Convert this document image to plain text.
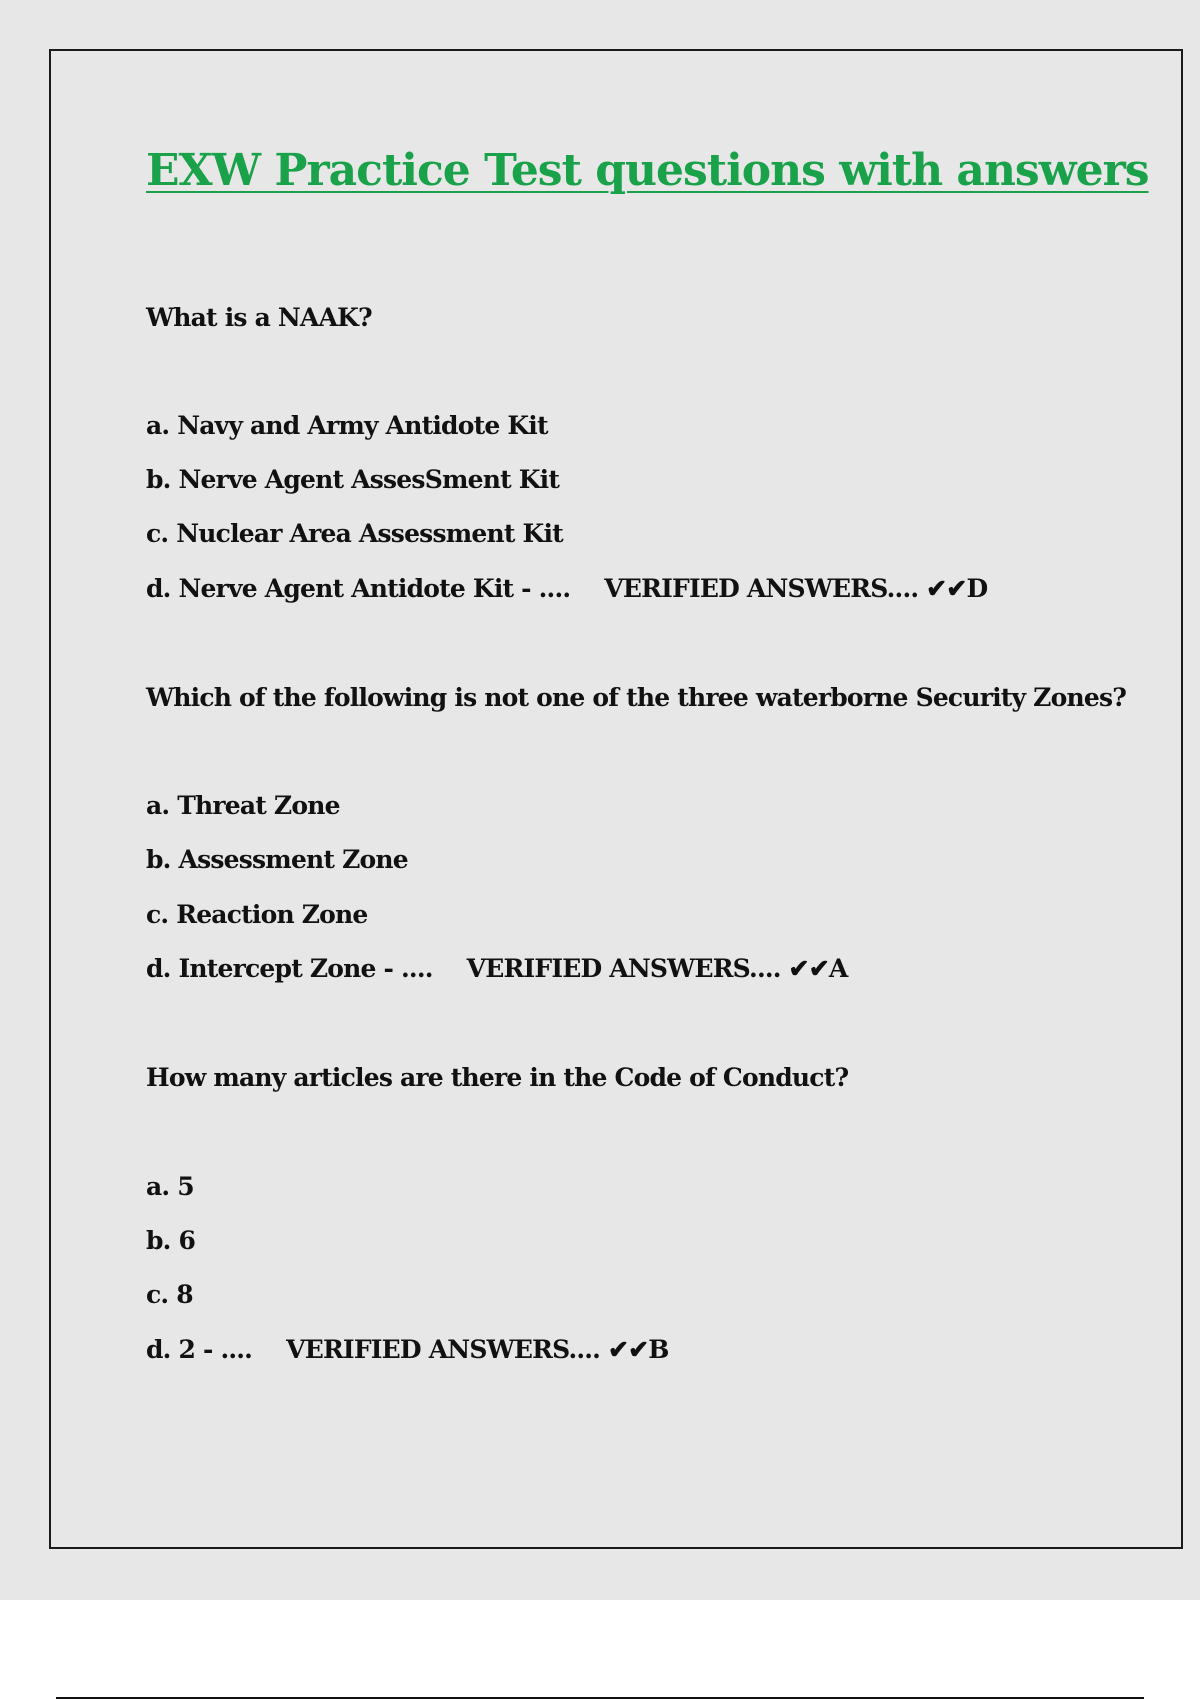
EXW Practice Test questions with answers
What is a NAAK?
a. Navy and Army Antidote Kit
b. Nerve Agent AssesSment Kit
c. Nuclear Area Assessment Kit
d. Nerve Agent Antidote Kit - .... VERIFIED ANSWERS.... ✔✔D
Which of the following is not one of the three waterborne Security Zones?
a. Threat Zone
b. Assessment Zone
c. Reaction Zone
d. Intercept Zone - .... VERIFIED ANSWERS.... ✔✔A
How many articles are there in the Code of Conduct?
a. 5
b. 6
c. 8
d. 2 - .... VERIFIED ANSWERS.... ✔✔B
